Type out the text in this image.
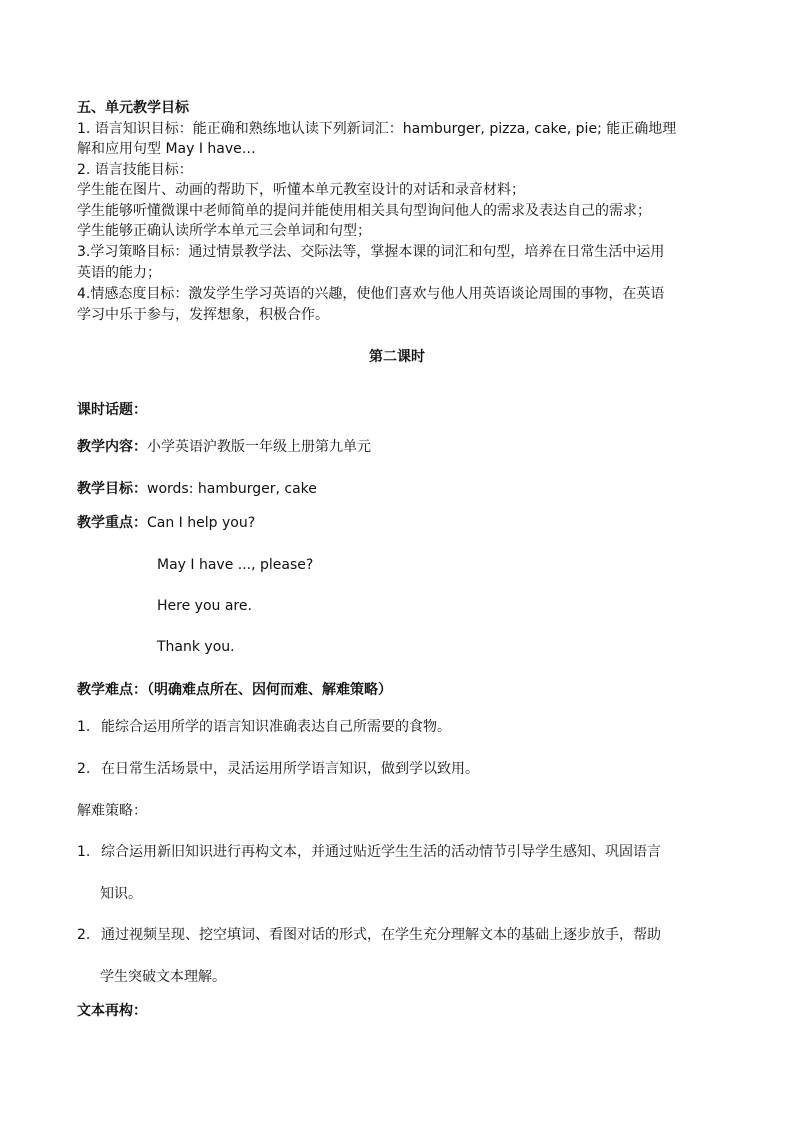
五、单元教学目标
1. 语言知识目标：能正确和熟练地认读下列新词汇：hamburger, pizza, cake, pie; 能正确地理
解和应用句型 May I have…
2. 语言技能目标：
学生能在图片、动画的帮助下，听懂本单元教室设计的对话和录音材料；
学生能够听懂微课中老师简单的提问并能使用相关具句型询问他人的需求及表达自己的需求；
学生能够正确认读所学本单元三会单词和句型；
3.学习策略目标：通过情景教学法、交际法等，掌握本课的词汇和句型，培养在日常生活中运用
英语的能力；
4.情感态度目标：激发学生学习英语的兴趣，使他们喜欢与他人用英语谈论周围的事物，在英语
学习中乐于参与，发挥想象，积极合作。
第二课时
课时话题：
教学内容：小学英语沪教版一年级上册第九单元
教学目标：words: hamburger, cake
教学重点：Can I help you?
May I have ..., please?
Here you are.
Thank you.
教学难点：（明确难点所在、因何而难、解难策略）
1. 能综合运用所学的语言知识准确表达自己所需要的食物。
2. 在日常生活场景中，灵活运用所学语言知识，做到学以致用。
解难策略：
1. 综合运用新旧知识进行再构文本，并通过贴近学生生活的活动情节引导学生感知、巩固语言
知识。
2. 通过视频呈现、挖空填词、看图对话的形式，在学生充分理解文本的基础上逐步放手，帮助
学生突破文本理解。
文本再构：
